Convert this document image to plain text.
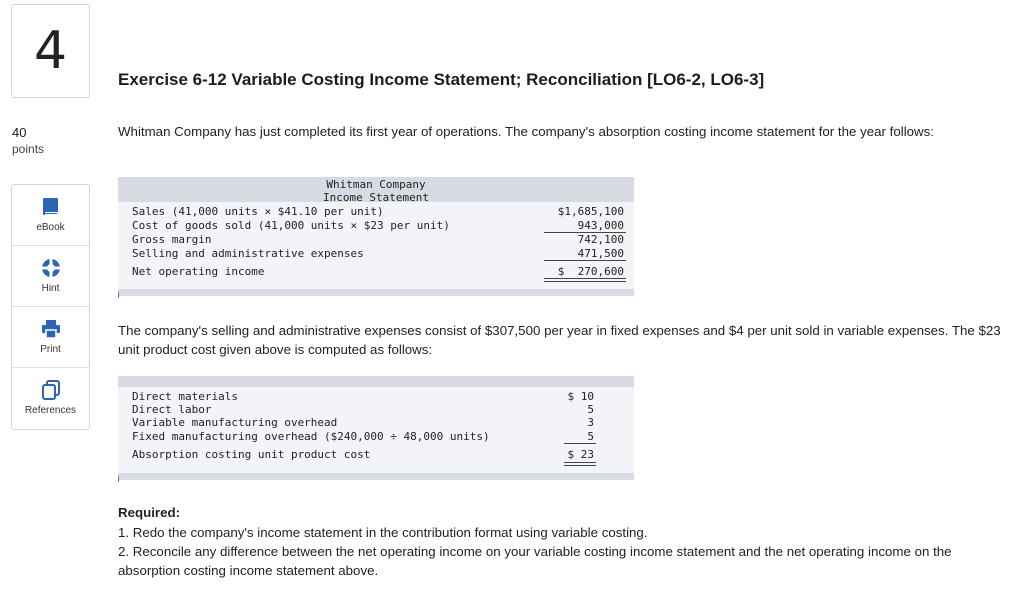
4
40
points
eBook
Hint
Print
References
Exercise 6-12 Variable Costing Income Statement; Reconciliation [LO6-2, LO6-3]
Whitman Company has just completed its first year of operations. The company's absorption costing income statement for the year follows:
Whitman Company
Income Statement
Sales (41,000 units × $41.10 per unit)	$1,685,100
Cost of goods sold (41,000 units × $23 per unit)	943,000
Gross margin	742,100
Selling and administrative expenses	471,500
Net operating income	$  270,600
The company's selling and administrative expenses consist of $307,500 per year in fixed expenses and $4 per unit sold in variable expenses. The $23 unit product cost given above is computed as follows:
Direct materials	$ 10
Direct labor	5
Variable manufacturing overhead	3
Fixed manufacturing overhead ($240,000 ÷ 48,000 units)	5
Absorption costing unit product cost	$ 23
Required:
1. Redo the company's income statement in the contribution format using variable costing.
2. Reconcile any difference between the net operating income on your variable costing income statement and the net operating income on the absorption costing income statement above.
